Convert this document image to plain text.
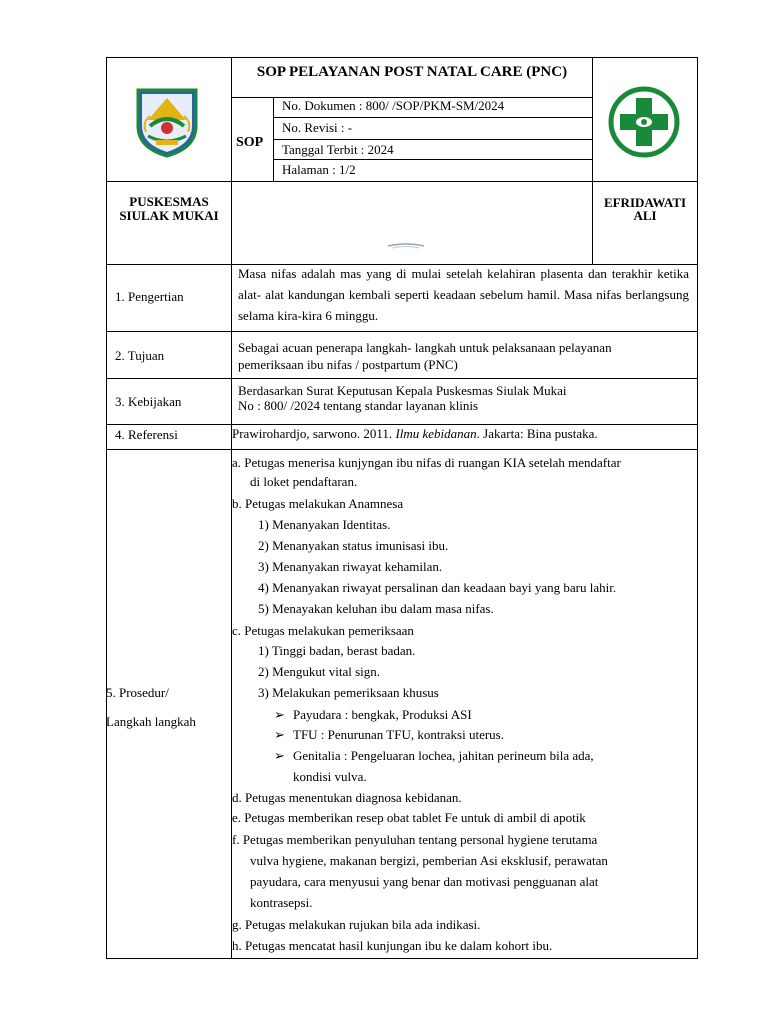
SOP PELAYANAN POST NATAL CARE (PNC)
SOP
No. Dokumen : 800/ /SOP/PKM-SM/2024
No. Revisi : -
Tanggal Terbit : 2024
Halaman : 1/2
PUSKESMAS
SIULAK MUKAI
EFRIDAWATI
ALI
1. Pengertian
Masa nifas adalah mas yang di mulai setelah kelahiran plasenta dan terakhir ketika alat- alat kandungan kembali seperti keadaan sebelum hamil. Masa nifas berlangsung selama kira-kira 6 minggu.
2. Tujuan
Sebagai acuan penerapa langkah- langkah untuk pelaksanaan pelayanan pemeriksaan ibu nifas / postpartum (PNC)
3. Kebijakan
Berdasarkan Surat Keputusan Kepala Puskesmas Siulak Mukai
No : 800/ /2024 tentang standar layanan klinis
4. Referensi	Prawirohardjo, sarwono. 2011. Ilmu kebidanan. Jakarta: Bina pustaka.
5. Prosedur/
Langkah langkah
a. Petugas menerisa kunjyngan ibu nifas di ruangan KIA setelah mendaftar
di loket pendaftaran.
b. Petugas melakukan Anamnesa
1) Menanyakan Identitas.
2) Menanyakan status imunisasi ibu.
3) Menanyakan riwayat kehamilan.
4) Menanyakan riwayat persalinan dan keadaan bayi yang baru lahir.
5) Menayakan keluhan ibu dalam masa nifas.
c. Petugas melakukan pemeriksaan
1) Tinggi badan, berast badan.
2) Mengukut vital sign.
3) Melakukan pemeriksaan khusus
➢ Payudara : bengkak, Produksi ASI
➢ TFU : Penurunan TFU, kontraksi uterus.
➢ Genitalia : Pengeluaran lochea, jahitan perineum bila ada,
kondisi vulva.
d. Petugas menentukan diagnosa kebidanan.
e. Petugas memberikan resep obat tablet Fe untuk di ambil di apotik
f. Petugas memberikan penyuluhan tentang personal hygiene terutama
vulva hygiene, makanan bergizi, pemberian Asi eksklusif, perawatan
payudara, cara menyusui yang benar dan motivasi pengguanan alat
kontrasepsi.
g. Petugas melakukan rujukan bila ada indikasi.
h. Petugas mencatat hasil kunjungan ibu ke dalam kohort ibu.
